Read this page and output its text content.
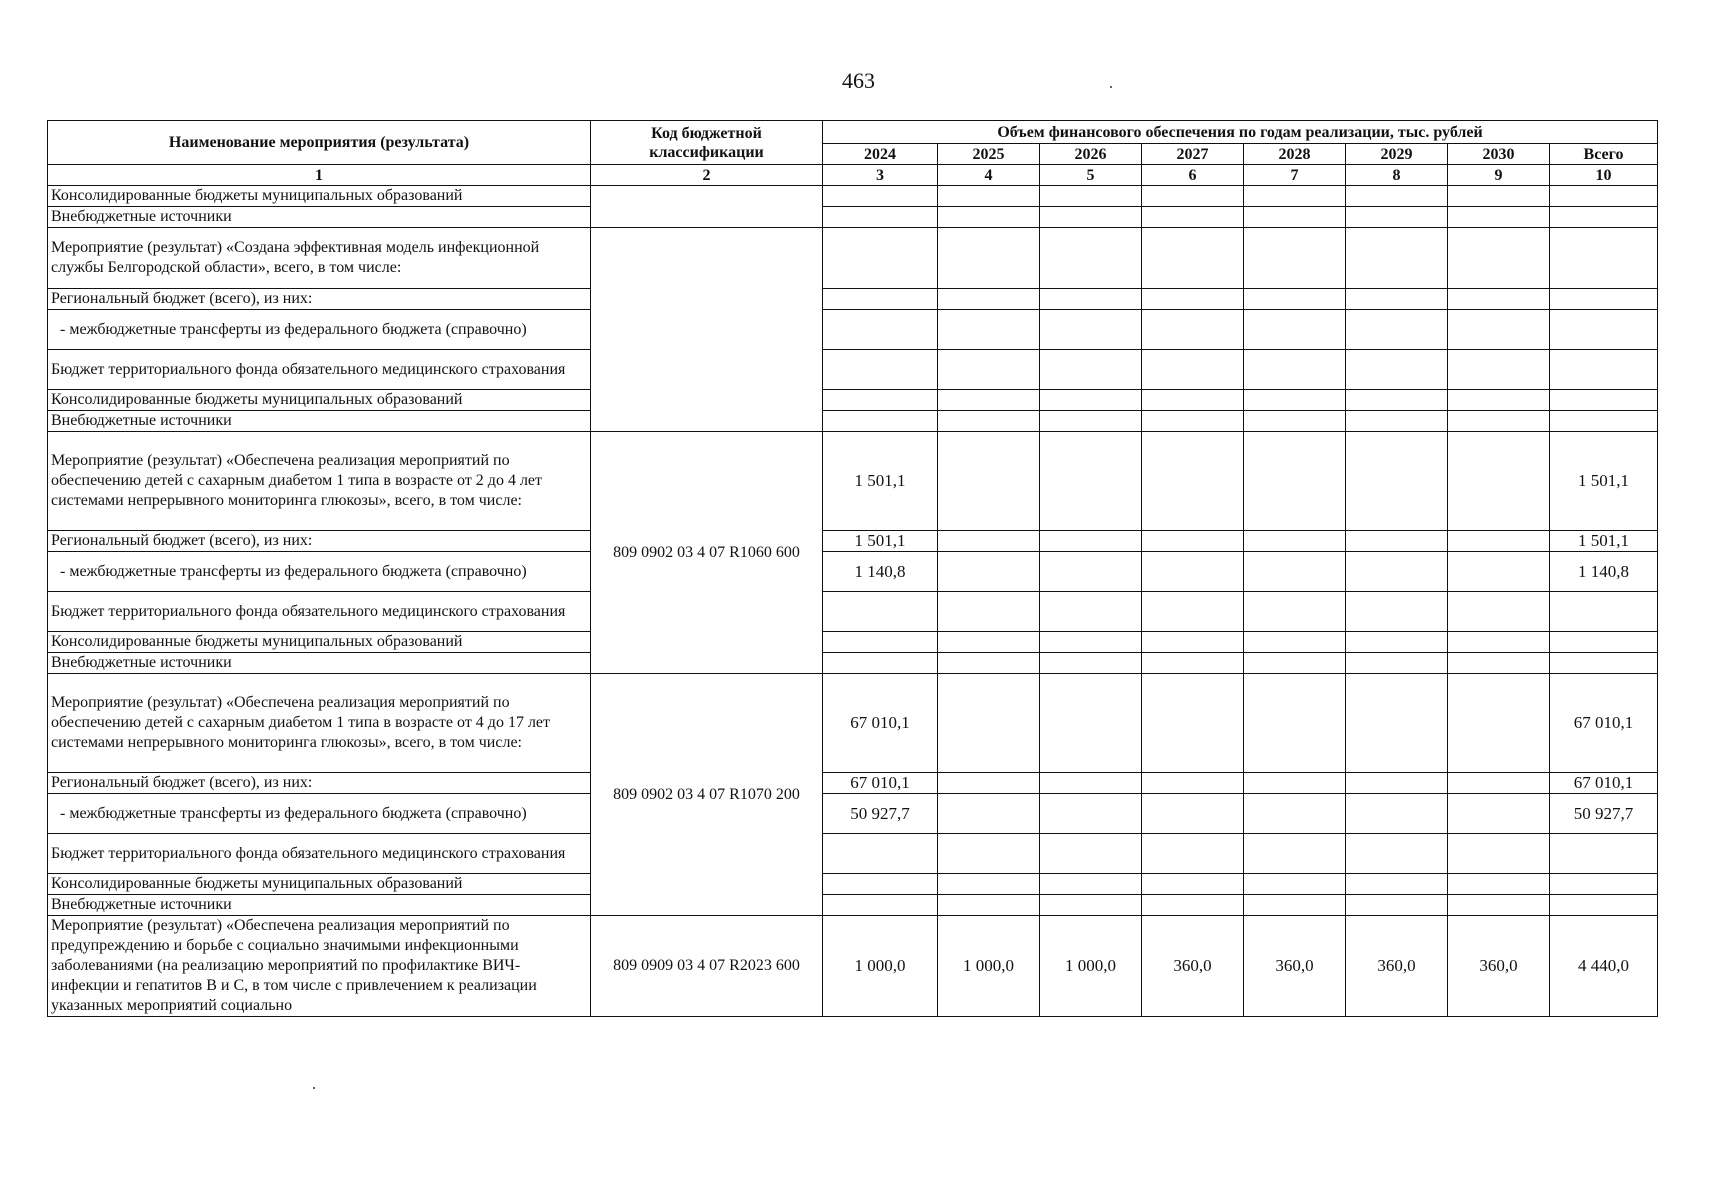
463
Наименование мероприятия (результата)	Код бюджетной классификации	Объем финансового обеспечения по годам реализации, тыс. рублей							
		2024	2025	2026	2027	2028	2029	2030	Всего
1	2	3	4	5	6	7	8	9	10
Консолидированные бюджеты муниципальных образований									
Внебюджетные источники									
Мероприятие (результат) «Создана эффективная модель инфекционной службы Белгородской области», всего, в том числе:									
Региональный бюджет (всего), из них:									
- межбюджетные трансферты из федерального бюджета (справочно)									
Бюджет территориального фонда обязательного медицинского страхования									
Консолидированные бюджеты муниципальных образований									
Внебюджетные источники									
Мероприятие (результат) «Обеспечена реализация мероприятий по обеспечению детей с сахарным диабетом 1 типа в возрасте от 2 до 4 лет системами непрерывного мониторинга глюкозы», всего, в том числе:	809 0902 03 4 07 R1060 600	1 501,1							1 501,1
Региональный бюджет (всего), из них:		1 501,1							1 501,1
- межбюджетные трансферты из федерального бюджета (справочно)		1 140,8							1 140,8
Бюджет территориального фонда обязательного медицинского страхования									
Консолидированные бюджеты муниципальных образований									
Внебюджетные источники									
Мероприятие (результат) «Обеспечена реализация мероприятий по обеспечению детей с сахарным диабетом 1 типа в возрасте от 4 до 17 лет системами непрерывного мониторинга глюкозы», всего, в том числе:	809 0902 03 4 07 R1070 200	67 010,1							67 010,1
Региональный бюджет (всего), из них:		67 010,1							67 010,1
- межбюджетные трансферты из федерального бюджета (справочно)		50 927,7							50 927,7
Бюджет территориального фонда обязательного медицинского страхования									
Консолидированные бюджеты муниципальных образований									
Внебюджетные источники									
Мероприятие (результат) «Обеспечена реализация мероприятий по предупреждению и борьбе с социально значимыми инфекционными заболеваниями (на реализацию мероприятий по профилактике ВИЧ-инфекции и гепатитов В и С, в том числе с привлечением к реализации указанных мероприятий социально	809 0909 03 4 07 R2023 600	1 000,0	1 000,0	1 000,0	360,0	360,0	360,0	360,0	4 440,0
